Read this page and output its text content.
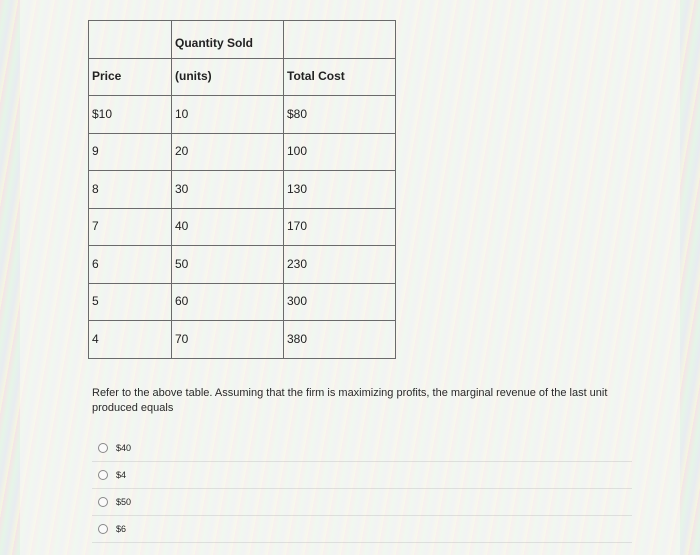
	Quantity Sold	
Price	(units)	Total Cost
$10	10	$80
9	20	100
8	30	130
7	40	170
6	50	230
5	60	300
4	70	380
Refer to the above table. Assuming that the firm is maximizing profits, the marginal revenue of the last unit produced equals
$40
$4
$50
$6
